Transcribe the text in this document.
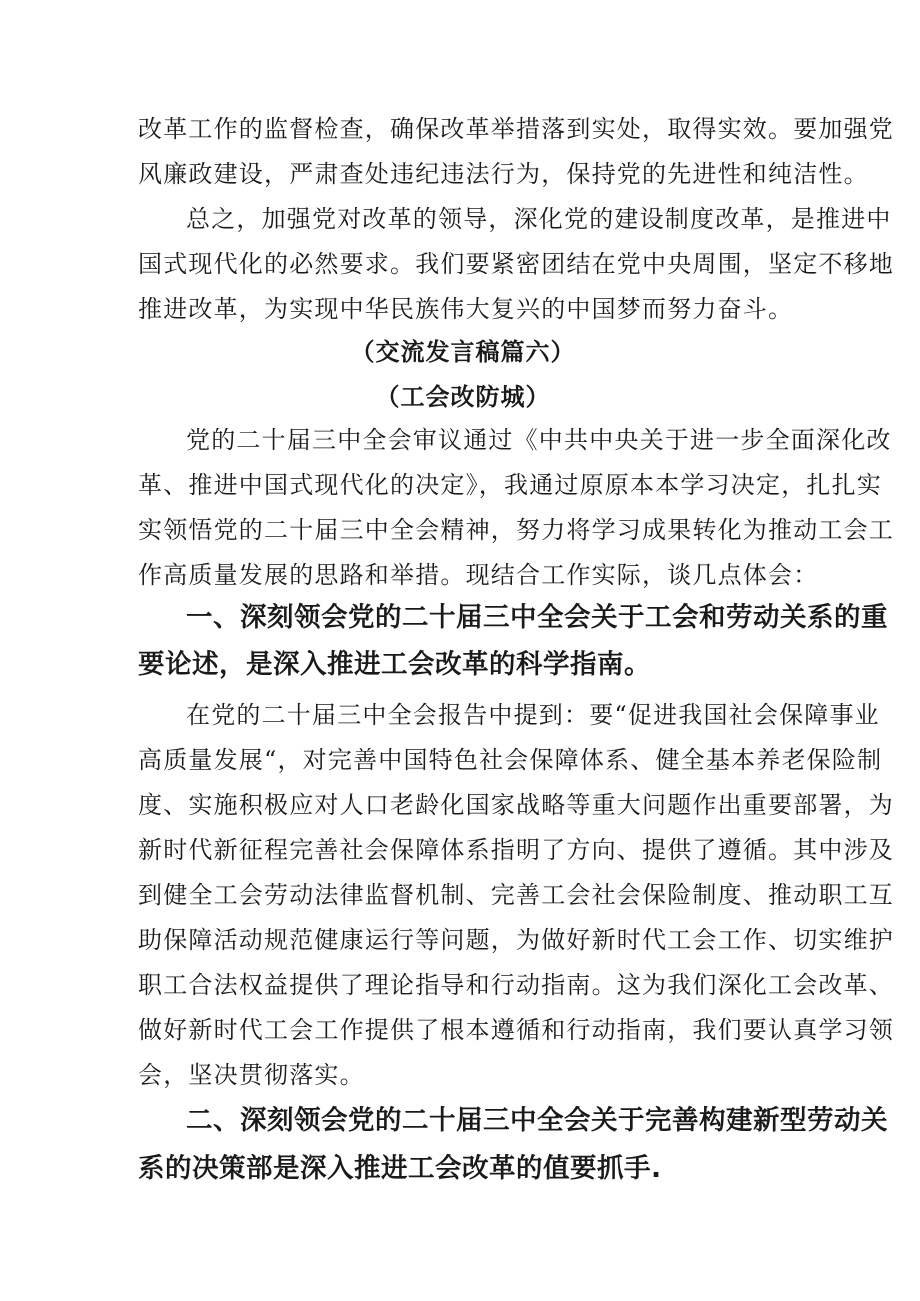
改革工作的监督检查，确保改革举措落到实处，取得实效。要加强党

风廉政建设，严肃查处违纪违法行为，保持党的先进性和纯洁性。

总之，加强党对改革的领导，深化党的建设制度改革，是推进中

国式现代化的必然要求。我们要紧密团结在党中央周围，坚定不移地

推进改革，为实现中华民族伟大复兴的中国梦而努力奋斗。

（交流发言稿篇六）

（工会改防城）

党的二十届三中全会审议通过《中共中央关于进一步全面深化改

革、推进中国式现代化的决定》，我通过原原本本学习决定，扎扎实

实领悟党的二十届三中全会精神，努力将学习成果转化为推动工会工

作高质量发展的思路和举措。现结合工作实际，谈几点体会：

一、深刻领会党的二十届三中全会关于工会和劳动关系的重

要论述，是深入推进工会改革的科学指南。

在党的二十届三中全会报告中提到：要“促进我国社会保障事业

高质量发展“，对完善中国特色社会保障体系、健全基本养老保险制

度、实施积极应对人口老龄化国家战略等重大问题作出重要部署，为

新时代新征程完善社会保障体系指明了方向、提供了遵循。其中涉及

到健全工会劳动法律监督机制、完善工会社会保险制度、推动职工互

助保障活动规范健康运行等问题，为做好新时代工会工作、切实维护

职工合法权益提供了理论指导和行动指南。这为我们深化工会改革、

做好新时代工会工作提供了根本遵循和行动指南，我们要认真学习领

会，坚决贯彻落实。

二、深刻领会党的二十届三中全会关于完善构建新型劳动关

系的决策部是深入推进工会改革的值要抓手.
